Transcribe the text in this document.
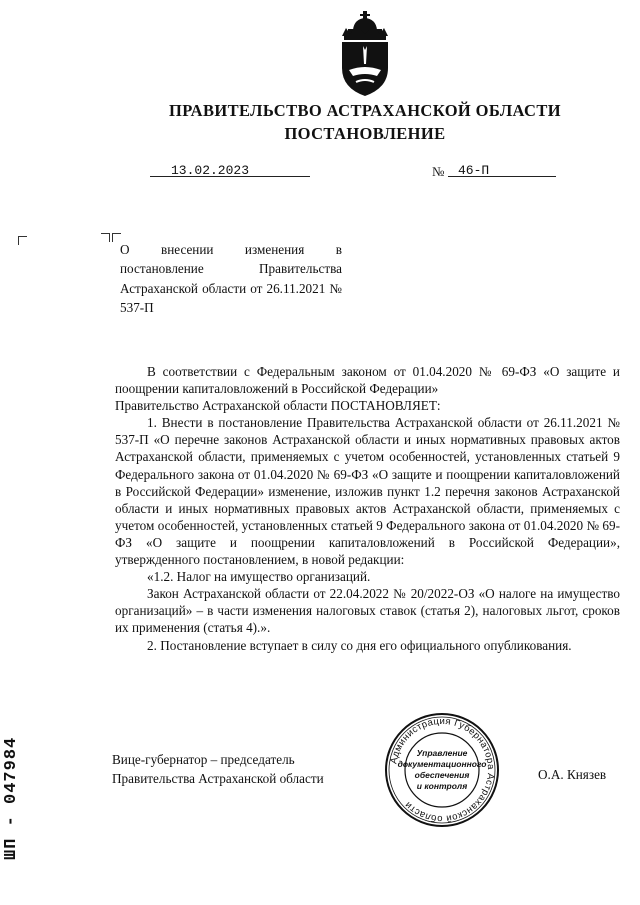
ПРАВИТЕЛЬСТВО АСТРАХАНСКОЙ ОБЛАСТИ
ПОСТАНОВЛЕНИЕ
13.02.2023	№ 46-П
О внесении изменения в постановление Правительства Астраханской области от 26.11.2021 № 537-П

В соответствии с Федеральным законом от 01.04.2020 № 69-ФЗ «О защите и поощрении капиталовложений в Российской Федерации»

Правительство Астраханской области ПОСТАНОВЛЯЕТ:

1. Внести в постановление Правительства Астраханской области от 26.11.2021 № 537-П «О перечне законов Астраханской области и иных нормативных правовых актов Астраханской области, применяемых с учетом особенностей, установленных статьей 9 Федерального закона от 01.04.2020 № 69-ФЗ «О защите и поощрении капиталовложений в Российской Федерации» изменение, изложив пункт 1.2 перечня законов Астраханской области и иных нормативных правовых актов Астраханской области, применяемых с учетом особенностей, установленных статьей 9 Федерального закона от 01.04.2020 № 69-ФЗ «О защите и поощрении капиталовложений в Российской Федерации», утвержденного постановлением, в новой редакции:

«1.2. Налог на имущество организаций.

Закон Астраханской области от 22.04.2022 № 20/2022-ОЗ «О налоге на имущество организаций» – в части изменения налоговых ставок (статья 2), налоговых льгот, сроков их применения (статья 4).».

2. Постановление вступает в силу со дня его официального опубликования.

Вице-губернатор – председатель
Правительства Астраханской области	О.А. Князев
Администрация Губернатора Астраханской области
Управление
документационного
обеспечения
и контроля
ШП - 047984
